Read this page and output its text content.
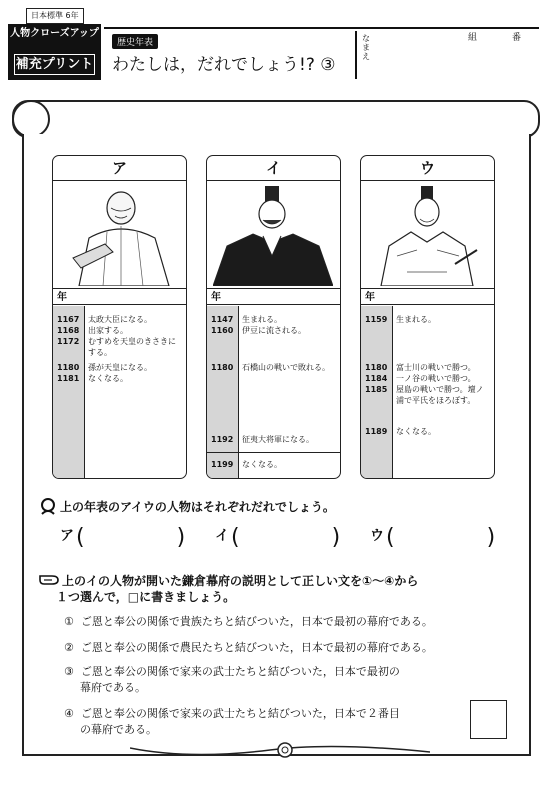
日本標準 6年
人物クローズアップ
補充プリント
歴史年表
わたしは，だれでしょう!? ③
なまえ
組	番
ア
年
1167	太政大臣になる。
1168	出家する。
1172	むすめを天皇のきさきにする。
1180	孫が天皇になる。
1181	なくなる。
イ
年
1147	生まれる。
1160	伊豆に流される。
1180	石橋山の戦いで敗れる。
1192	征夷大将軍になる。
1199	なくなる。
ウ
年
1159	生まれる。
1180	富士川の戦いで勝つ。
1184	一ノ谷の戦いで勝つ。
1185	屋島の戦いで勝つ。壇ノ浦で平氏をほろぼす。
1189	なくなる。
上の年表のアイウの人物はそれぞれだれでしょう。
ア(	) イ(	) ウ(	)
上のイの人物が開いた鎌倉幕府の説明として正しい文を①～④から
１つ選んで，□に書きましょう。
① ご恩と奉公の関係で貴族たちと結びついた，日本で最初の幕府である。
② ご恩と奉公の関係で農民たちと結びついた，日本で最初の幕府である。
③ ご恩と奉公の関係で家来の武士たちと結びついた，日本で最初の
幕府である。
④ ご恩と奉公の関係で家来の武士たちと結びついた，日本で２番目
の幕府である。
